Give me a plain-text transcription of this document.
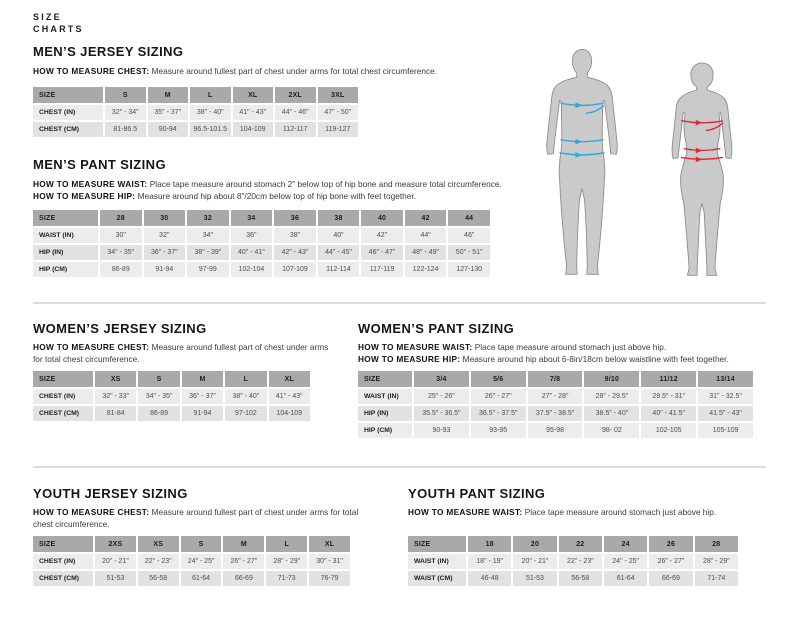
SIZE
CHARTS
MEN’S JERSEY SIZING

HOW TO MEASURE CHEST: Measure around fullest part of chest under arms for total chest circumference.

SIZE	S	M	L	XL	2XL	3XL
CHEST (IN)	32" - 34"	35" - 37"	38" - 40"	41" - 43"	44" - 46"	47" - 50"
CHEST (CM)	81-86.5	90-94	96.5-101.5	104-109	112-117	119-127
MEN’S PANT SIZING

HOW TO MEASURE WAIST: Place tape measure around stomach 2" below top of hip bone and measure total circumference.

HOW TO MEASURE HIP: Measure around hip about 8"/20cm below top of hip bone with feet together.

SIZE	28	30	32	34	36	38	40	42	44
WAIST (IN)	30"	32"	34"	36"	38"	40"	42"	44"	46"
HIP (IN)	34" - 35"	36" - 37"	38" - 39"	40" - 41"	42" - 43"	44" - 45"	46" - 47"	48" - 49"	50" - 51"
HIP (CM)	86-89	91-94	97-99	102-104	107-109	112-114	117-119	122-124	127-130
WOMEN’S JERSEY SIZING

HOW TO MEASURE CHEST: Measure around fullest part of chest under arms for total chest circumference.

SIZE	XS	S	M	L	XL
CHEST (IN)	32" - 33"	34" - 35"	36" - 37"	38" - 40"	41" - 43"
CHEST (CM)	81-84	86-89	91-94	97-102	104-109
WOMEN’S PANT SIZING

HOW TO MEASURE WAIST: Place tape measure around stomach just above hip.

HOW TO MEASURE HIP: Measure around hip about 6-8in/18cm below waistline with feet together.

SIZE	3/4	5/6	7/8	9/10	11/12	13/14
WAIST (IN)	25" - 26"	26" - 27"	27" - 28"	28" - 29.5"	29.5" - 31"	31" - 32.5"
HIP (IN)	35.5" - 36.5"	36.5" - 37.5"	37.5" - 38.5"	38.5" - 40"	40" - 41.5"	41.5" - 43"
HIP (CM)	90-93	93-95	95-98	98- 02	102-105	105-109
YOUTH JERSEY SIZING

HOW TO MEASURE CHEST: Measure around fullest part of chest under arms for total chest circumference.

SIZE	2XS	XS	S	M	L	XL
CHEST (IN)	20" - 21"	22" - 23"	24" - 25"	26" - 27"	28" - 29"	30" - 31"
CHEST (CM)	51-53	56-58	61-64	66-69	71-73	76-79
YOUTH PANT SIZING

HOW TO MEASURE WAIST: Place tape measure around stomach just above hip.

SIZE	18	20	22	24	26	28
WAIST (IN)	18" - 19"	20" - 21"	22" - 23"	24" - 25"	26" - 27"	28" - 29"
WAIST (CM)	46-48	51-53	56-58	61-64	66-69	71-74
